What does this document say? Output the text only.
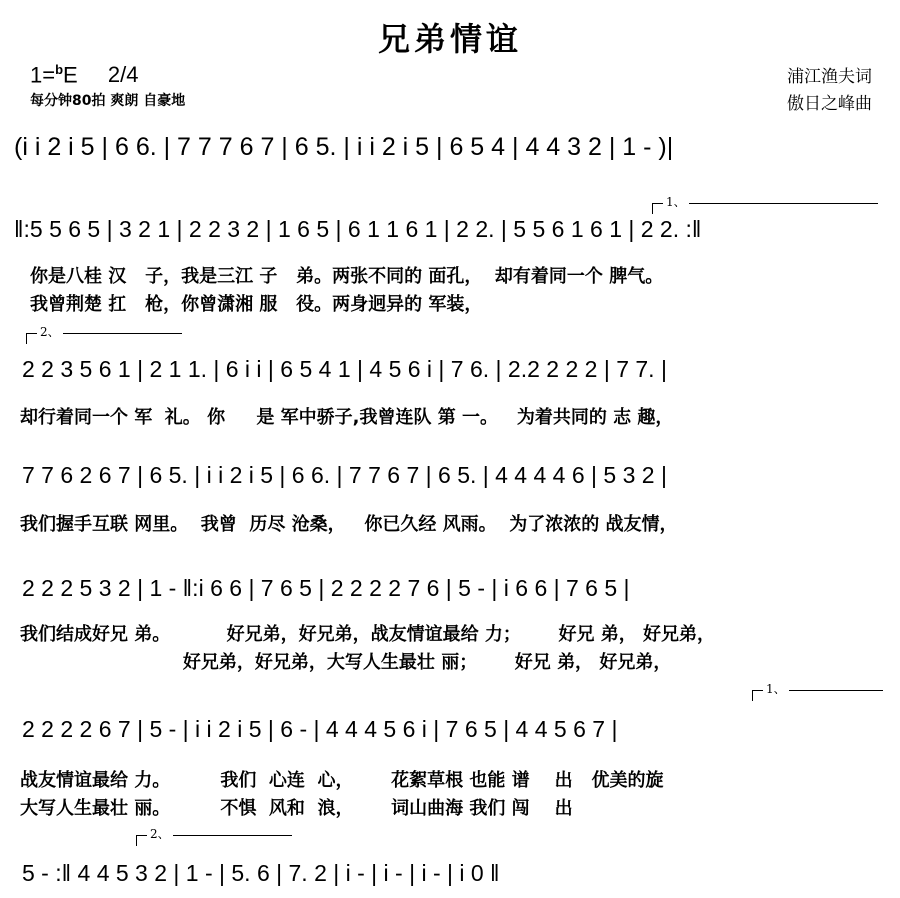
兄弟情谊
1=$^b$E 2/4
每分钟80拍 爽朗 自豪地
浦江渔夫词
傲日之峰曲
(i i 2 i 5 | 6 6. | 7 7 7 6 7 | 6 5. | i i 2 i 5 | 6 5 4 | 4 4 3 2 | 1 - )|
1、
‖:5 5 6 5 | 3 2 1 | 2 2 3 2 | 1 6 5 | 6 1 1 6 1 | 2 2. | 5 5 6 1 6 1 | 2 2. :‖
你是八桂 汉   子，我是三江 子   弟。两张不同的 面孔，  却有着同一个 脾气。
我曾荆楚 扛   枪，你曾潇湘 服   役。两身迥异的 军装，
2、
2 2 3 5 6 1 | 2 1 1. | 6 i i | 6 5 4 1 | 4 5 6 i | 7 6. | 2.2 2 2 2 | 7 7. |
却行着同一个 军  礼。 你     是 军中骄子,我曾连队 第 一。   为着共同的 志 趣，
7 7 6 2 6 7 | 6 5. | i i 2 i 5 | 6 6. | 7 7 6 7 | 6 5. | 4 4 4 4 6 | 5 3 2 |
我们握手互联 网里。  我曾  历尽 沧桑，   你已久经 风雨。  为了浓浓的 战友情，
2 2 2 5 3 2 | 1 - ‖:i 6 6 | 7 6 5 | 2 2 2 2 7 6 | 5 - | i 6 6 | 7 6 5 |
我们结成好兄 弟。         好兄弟，好兄弟，战友情谊最给 力；      好兄 弟， 好兄弟，
好兄弟，好兄弟，大写人生最壮 丽；      好兄 弟， 好兄弟，
1、
2 2 2 2 6 7 | 5 - | i i 2 i 5 | 6 - | 4 4 4 5 6 i | 7 6 5 | 4 4 5 6 7 |
战友情谊最给 力。        我们  心连  心，      花絮草根 也能 谱    出   优美的旋
大写人生最壮 丽。        不惧  风和  浪，      词山曲海 我们 闯    出
2、
5 - :‖ 4 4 5 3 2 | 1 - | 5. 6 | 7. 2 | i - | i - | i - | i 0 ‖
